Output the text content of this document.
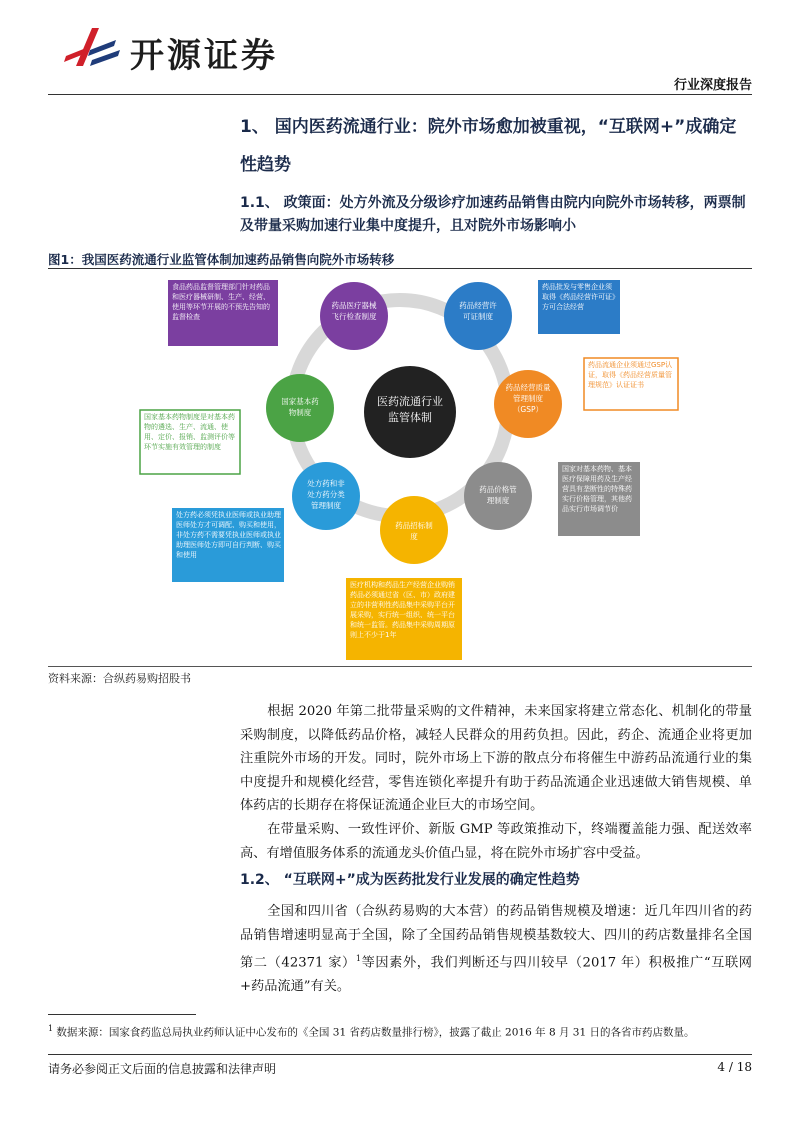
开源证券
行业深度报告
1、 国内医药流通行业：院外市场愈加被重视，“互联网+”成确定性趋势
1.1、 政策面：处方外流及分级诊疗加速药品销售由院内向院外市场转移，两票制及带量采购加速行业集中度提升，且对院外市场影响小
图1：我国医药流通行业监管体制加速药品销售向院外市场转移
食品药品监督管理部门针对药品和医疗器械研制、生产、经营、使用等环节开展的不预先告知的监督检查
药品批发与零售企业须取得《药品经营许可证》方可合法经营
药品流通企业须通过GSP认证，取得《药品经营质量管理规范》认证证书
国家对基本药物、基本医疗保障用药及生产经营具有垄断性的特殊药实行价格管理，其他药品实行市场调节价
医疗机构和药品生产经营企业购销药品必须通过省（区、市）政府建立的非营利性药品集中采购平台开展采购，实行统一组织、统一平台和统一监管。药品集中采购周期原则上不少于1年
处方药必须凭执业医师或执业助理医师处方才可调配、购买和使用，非处方药不需要凭执业医师或执业助理医师处方即可自行判断、购买和使用
国家基本药物制度是对基本药物的遴选、生产、流通、使用、定价、报销、监测评价等环节实施有效管理的制度
药品医疗器械飞行检查制度
药品经营许可证制度
药品经营质量管理制度（GSP）
药品价格管理制度
药品招标制度
处方药和非处方药分类管理制度
国家基本药物制度
医药流通行业监管体制
资料来源：合纵药易购招股书
根据 2020 年第二批带量采购的文件精神，未来国家将建立常态化、机制化的带量采购制度，以降低药品价格，减轻人民群众的用药负担。因此，药企、流通企业将更加注重院外市场的开发。同时，院外市场上下游的散点分布将催生中游药品流通行业的集中度提升和规模化经营，零售连锁化率提升有助于药品流通企业迅速做大销售规模、单体药店的长期存在将保证流通企业巨大的市场空间。
在带量采购、一致性评价、新版 GMP 等政策推动下，终端覆盖能力强、配送效率高、有增值服务体系的流通龙头价值凸显，将在院外市场扩容中受益。
1.2、 “互联网+”成为医药批发行业发展的确定性趋势
全国和四川省（合纵药易购的大本营）的药品销售规模及增速：近几年四川省的药品销售增速明显高于全国，除了全国药品销售规模基数较大、四川的药店数量排名全国第二（42371 家）$^1$等因素外，我们判断还与四川较早（2017 年）积极推广“互联网+药品流通”有关。
$^1$ 数据来源：国家食药监总局执业药师认证中心发布的《全国 31 省药店数量排行榜》，披露了截止 2016 年 8 月 31 日的各省市药店数量。
请务必参阅正文后面的信息披露和法律声明	4 / 18
